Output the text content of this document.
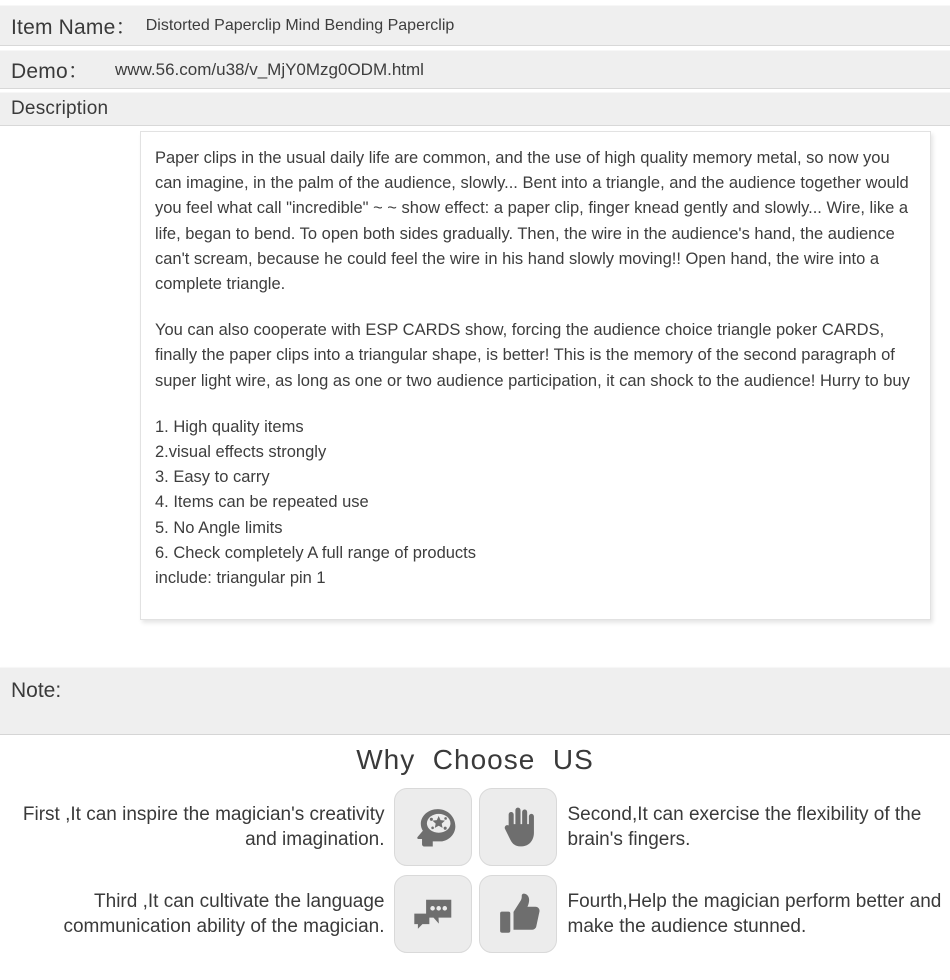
Item Name： Distorted Paperclip Mind Bending Paperclip
Demo：	www.56.com/u38/v_MjY0Mzg0ODM.html
Description

Paper clips in the usual daily life are common, and the use of high quality memory metal, so now you can imagine, in the palm of the audience, slowly... Bent into a triangle, and the audience together would you feel what call "incredible" ~ ~ show effect: a paper clip, finger knead gently and slowly... Wire, like a life, began to bend. To open both sides gradually. Then, the wire in the audience's hand, the audience can't scream, because he could feel the wire in his hand slowly moving!! Open hand, the wire into a complete triangle.

You can also cooperate with ESP CARDS show, forcing the audience choice triangle poker CARDS, finally the paper clips into a triangular shape, is better! This is the memory of the second paragraph of super light wire, as long as one or two audience participation, it can shock to the audience! Hurry to buy

1. High quality items
2.visual effects strongly
3. Easy to carry
4. Items can be repeated use
5. No Angle limits
6. Check completely A full range of products
include: triangular pin 1
Note:
Why  Choose  US
First ,It can inspire the magician's creativity and imagination.
Second,It can exercise the flexibility of the brain's fingers.
Third ,It can cultivate the language communication ability of the magician.
Fourth,Help the magician perform better and make the audience stunned.
